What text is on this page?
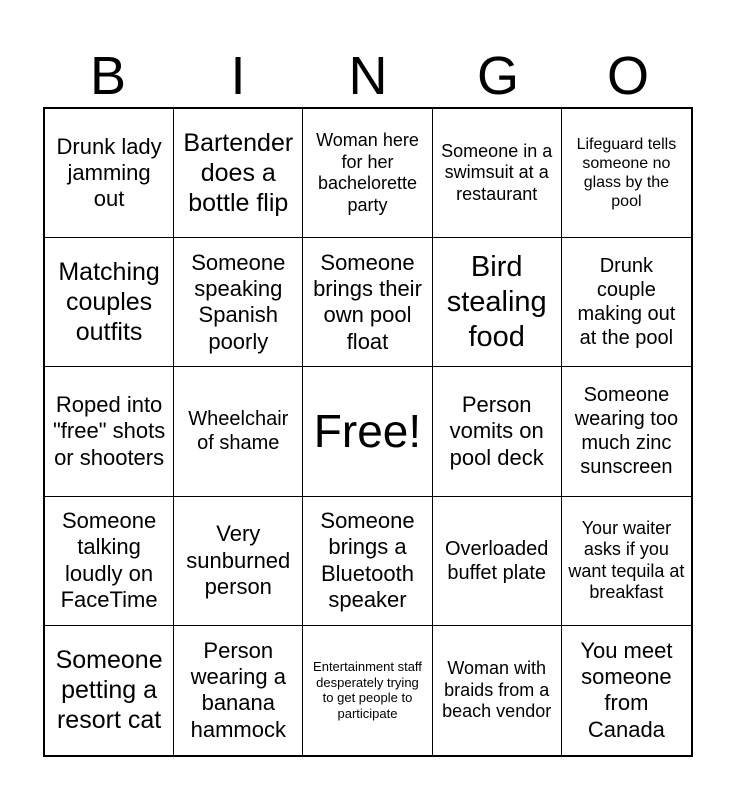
B	I	N	G	O
Drunk lady jamming out
Bartender does a bottle flip
Woman here for her bachelorette party
Someone in a swimsuit at a restaurant
Lifeguard tells someone no glass by the pool
Matching couples outfits
Someone speaking Spanish poorly
Someone brings their own pool float
Bird stealing food
Drunk couple making out at the pool
Roped into "free" shots or shooters
Wheelchair of shame Free!
Person vomits on pool deck
Someone wearing too much zinc sunscreen
Someone talking loudly on FaceTime
Very sunburned person
Someone brings a Bluetooth speaker
Overloaded buffet plate
Your waiter asks if you want tequila at breakfast
Someone petting a resort cat
Person wearing a banana hammock
Entertainment staff desperately trying to get people to participate
Woman with braids from a beach vendor
You meet someone from Canada
